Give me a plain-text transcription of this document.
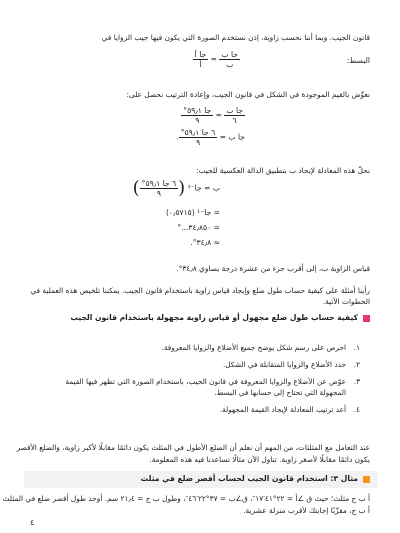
قانون الجيب. وبما أننا نحسب زاوية، إذن نستخدم الصورة التي يكون فيها جيب الزوايا في
البسط:
$\frac{\text{جا ب}}{\text{ب}}$
=
$\frac{\text{جا أ}}{\text{أ}}$
نعوِّض بالقيم الموجودة في الشكل في قانون الجيب، وإعادة الترتيب نحصل على:
$\frac{\text{جا ب}}{٦}$
=
$\frac{\text{جا ٥٩٫١°}}{٩}$
جا ب =
$\frac{\text{٦ جا ٥٩٫١°}}{٩}$
.
نحلّ هذه المعادلة لإيجاد ب بتطبيق الدالة العكسية للجيب:
ب = جا⁻¹ (
$\frac{\text{٦ جا ٥٩٫١°}}{٩}$
)
= جا⁻¹ (٠٫٥٧١٥)
= ٣٤٫٨٥٠...°
≈ ٣٤٫٨°.
قياس الزاوية ب، إلى أقرب جزء من عشرة درجة يساوي ٣٤٫٨°.
رأينا أمثلة على كيفية حساب طول ضلع وإيجاد قياس زاوية باستخدام قانون الجيب. يمكننا تلخيص هذه العملية في
الخطوات الآتية.
كيفية حساب طول ضلع مجهول أو قياس زاوية مجهولة باستخدام قانون الجيب
١.احرص على رسم شكل يوضح جميع الأضلاع والزوايا المعروفة.
٢.حدد الأضلاع والزوايا المتقابلة في الشكل.
٣.عوّض عن الأضلاع والزوايا المعروفة في قانون الجيب، باستخدام الصورة التي تظهر فيها القيمة
المجهولة التي تحتاج إلى حسابها في البسط.
٤.أعد ترتيب المعادلة لإيجاد القيمة المجهولة.
عند التعامل مع المثلثات، من المهم أن نعلم أن الضلع الأطول في المثلث يكون دائمًا مقابلًا لأكبر زاوية، والضلع الأقصر
يكون دائمًا مقابلًا لأصغر زاوية. تناول الآن مثالًا تساعدنا فيه هذه المعلومة.
مثال ٣: استخدام قانون الجيب لحساب أقصر ضلع في مثلث
أ ب ج مثلث؛ حيث ق ∠أ = ٢٢°٤١′١٧″، ق∠ب = ٣٧°٢٢′٤٦″، وطول ب ج = ٢١٫٤ سم. أوجد طول أقصر ضلع في المثلث
أ ب ج، مقرِّبًا إجابتك لأقرب منزلة عشرية.
٤
